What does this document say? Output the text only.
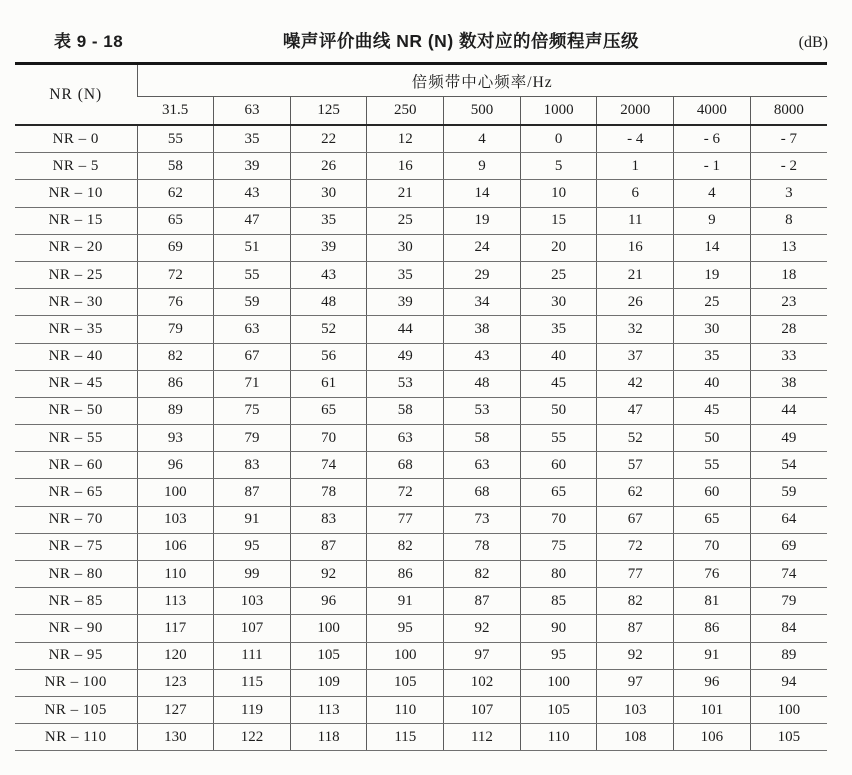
表 9 - 18	噪声评价曲线 NR (N) 数对应的倍频程声压级	(dB)
NR (N)	倍频带中心频率/Hz								
	31.5	63	125	250	500	1000	2000	4000	8000
NR – 0	55	35	22	12	4	0	- 4	- 6	- 7
NR – 5	58	39	26	16	9	5	1	- 1	- 2
NR – 10	62	43	30	21	14	10	6	4	3
NR – 15	65	47	35	25	19	15	11	9	8
NR – 20	69	51	39	30	24	20	16	14	13
NR – 25	72	55	43	35	29	25	21	19	18
NR – 30	76	59	48	39	34	30	26	25	23
NR – 35	79	63	52	44	38	35	32	30	28
NR – 40	82	67	56	49	43	40	37	35	33
NR – 45	86	71	61	53	48	45	42	40	38
NR – 50	89	75	65	58	53	50	47	45	44
NR – 55	93	79	70	63	58	55	52	50	49
NR – 60	96	83	74	68	63	60	57	55	54
NR – 65	100	87	78	72	68	65	62	60	59
NR – 70	103	91	83	77	73	70	67	65	64
NR – 75	106	95	87	82	78	75	72	70	69
NR – 80	110	99	92	86	82	80	77	76	74
NR – 85	113	103	96	91	87	85	82	81	79
NR – 90	117	107	100	95	92	90	87	86	84
NR – 95	120	111	105	100	97	95	92	91	89
NR – 100	123	115	109	105	102	100	97	96	94
NR – 105	127	119	113	110	107	105	103	101	100
NR – 110	130	122	118	115	112	110	108	106	105
